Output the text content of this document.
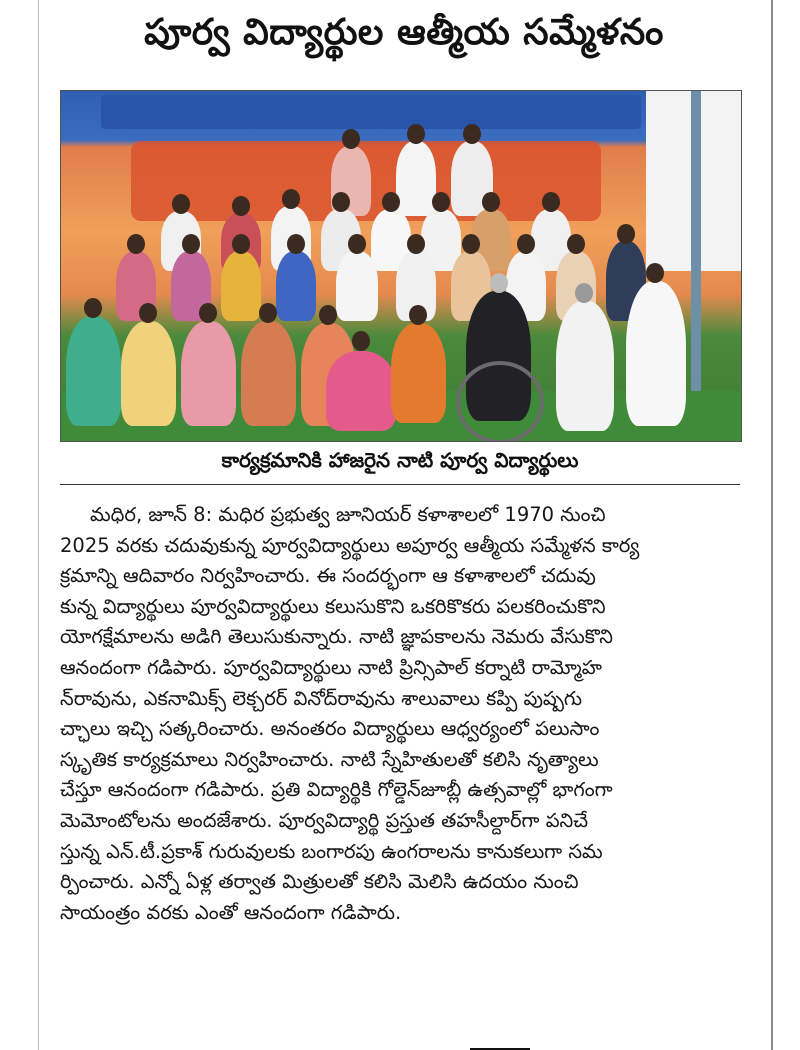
పూర్వ విద్యార్థుల ఆత్మీయ సమ్మేళనం
కార్యక్రమానికి హాజరైన నాటి పూర్వ విద్యార్థులు
మధిర, జూన్ 8: మధిర ప్రభుత్వ జూనియర్ కళాశాలలో 1970 నుంచి
2025 వరకు చదువుకున్న పూర్వవిద్యార్థులు అపూర్వ ఆత్మీయ సమ్మేళన కార్య
క్రమాన్ని ఆదివారం నిర్వహించారు. ఈ సందర్భంగా ఆ కళాశాలలో చదువు
కున్న విద్యార్థులు పూర్వవిద్యార్థులు కలుసుకొని ఒకరికొకరు పలకరించుకొని
యోగక్షేమాలను అడిగి తెలుసుకున్నారు. నాటి జ్ఞాపకాలను నెమరు వేసుకొని
ఆనందంగా గడిపారు. పూర్వవిద్యార్థులు నాటి ప్రిన్సిపాల్ కర్నాటి రామ్మోహ
న్‌రావును, ఎకనామిక్స్ లెక్చరర్ వినోద్‌రావును శాలువాలు కప్పి పుష్పగు
చ్ఛాలు ఇచ్చి సత్కరించారు. అనంతరం విద్యార్థులు ఆధ్వర్యంలో పలుసాం
స్కృతిక కార్యక్రమాలు నిర్వహించారు. నాటి స్నేహితులతో కలిసి నృత్యాలు
చేస్తూ ఆనందంగా గడిపారు. ప్రతి విద్యార్థికి గోల్డెన్‌జూబ్లీ ఉత్సవాల్లో భాగంగా
మెమోంటోలను అందజేశారు. పూర్వవిద్యార్థి ప్రస్తుత తహసీల్దార్‌గా పనిచే
స్తున్న ఎన్.టీ.ప్రకాశ్ గురువులకు బంగారపు ఉంగరాలను కానుకలుగా సమ
ర్పించారు. ఎన్నో ఏళ్ల తర్వాత మిత్రులతో కలిసి మెలిసి ఉదయం నుంచి
సాయంత్రం వరకు ఎంతో ఆనందంగా గడిపారు.
